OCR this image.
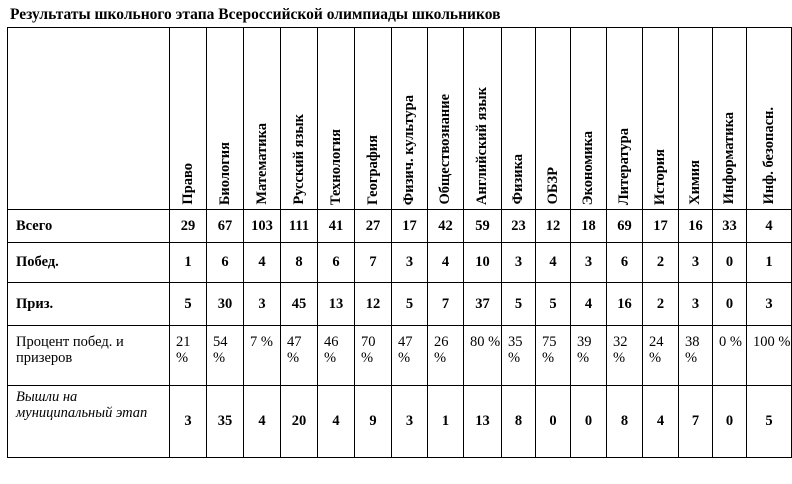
Результаты школьного этапа Всероссийской олимпиады школьников
	Право	Биология	Математика	Русский язык	Технология	География	Физич. культура	Обществознание	Английский язык	Физика	ОБЗР	Экономика	Литература	История	Химия	Информатика	Инф. безопасн.
Всего	29	67	103	111	41	27	17	42	59	23	12	18	69	17	16	33	4
Побед.	1	6	4	8	6	7	3	4	10	3	4	3	6	2	3	0	1
Приз.	5	30	3	45	13	12	5	7	37	5	5	4	16	2	3	0	3
Процент побед. и призеров	21 %	54 %	7 %	47 %	46 %	70 %	47 %	26 %	80 %	35 %	75 %	39 %	32 %	24 %	38 %	0 %	100 %
Вышли на муниципальный этап	3	35	4	20	4	9	3	1	13	8	0	0	8	4	7	0	5
